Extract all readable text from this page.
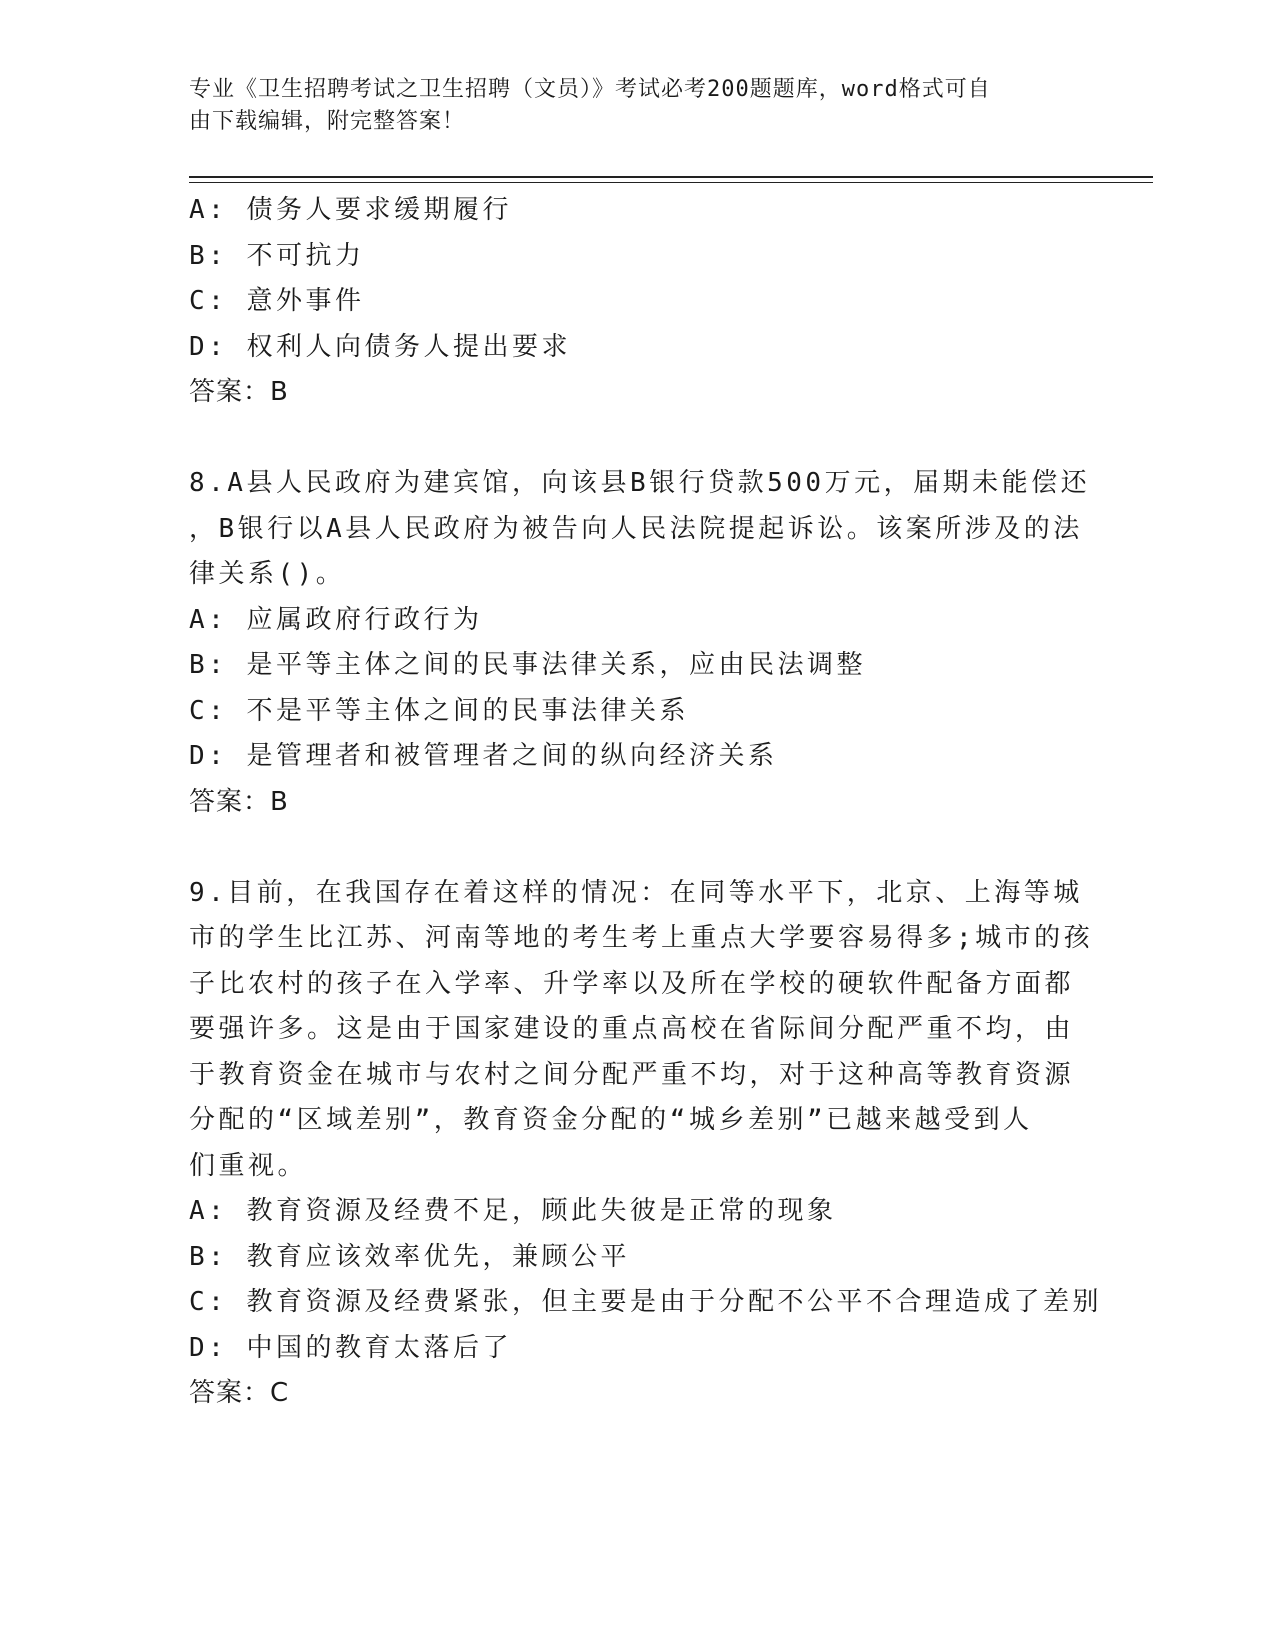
专业《卫生招聘考试之卫生招聘（文员）》考试必考200题题库，word格式可自
由下载编辑，附完整答案！
A: 债务人要求缓期履行
B: 不可抗力
C: 意外事件
D: 权利人向债务人提出要求
答案：B
8.A县人民政府为建宾馆，向该县B银行贷款500万元，届期未能偿还
，B银行以A县人民政府为被告向人民法院提起诉讼。该案所涉及的法
律关系()。
A: 应属政府行政行为
B: 是平等主体之间的民事法律关系，应由民法调整
C: 不是平等主体之间的民事法律关系
D: 是管理者和被管理者之间的纵向经济关系
答案：B
9.目前，在我国存在着这样的情况：在同等水平下，北京、上海等城
市的学生比江苏、河南等地的考生考上重点大学要容易得多;城市的孩
子比农村的孩子在入学率、升学率以及所在学校的硬软件配备方面都
要强许多。这是由于国家建设的重点高校在省际间分配严重不均，由
于教育资金在城市与农村之间分配严重不均，对于这种高等教育资源
分配的“区域差别”，教育资金分配的“城乡差别”已越来越受到人
们重视。
A: 教育资源及经费不足，顾此失彼是正常的现象
B: 教育应该效率优先，兼顾公平
C: 教育资源及经费紧张，但主要是由于分配不公平不合理造成了差别
D: 中国的教育太落后了
答案：C
